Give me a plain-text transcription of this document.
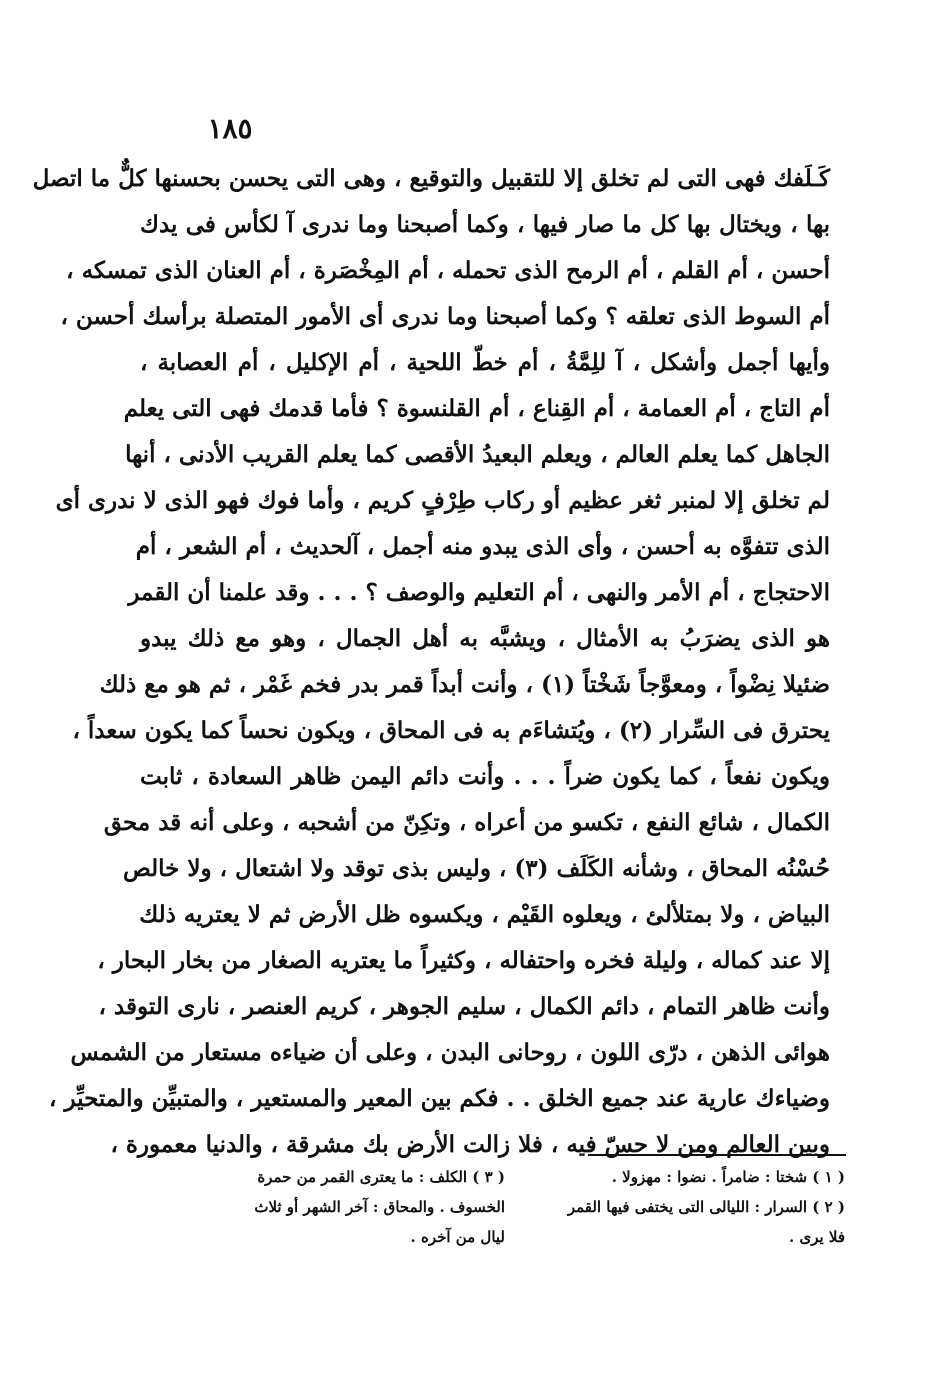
١٨٥
كَـلَفك فهى التى لم تخلق إلا للتقبيل والتوقيع ، وهى التى يحسن بحسنها كلٌّ ما اتصل
بها ، ويختال بها كل ما صار فيها ، وكما أصبحنا وما ندرى آ لكأس فى يدك
أحسن ، أم القلم ، أم الرمح الذى تحمله ، أم المِخْصَرة ، أم العنان الذى تمسكه ،
أم السوط الذى تعلقه ؟ وكما أصبحنا وما ندرى أى الأمور المتصلة برأسك أحسن ،
وأيها أجمل وأشكل ، آ للِمَّةُ ، أم خطّ اللحية ، أم الإكليل ، أم العصابة ،
أم التاج ، أم العمامة ، أم القِناع ، أم القلنسوة ؟ فأما قدمك فهى التى يعلم
الجاهل كما يعلم العالم ، ويعلم البعيدُ الأقصى كما يعلم القريب الأدنى ، أنها
لم تخلق إلا لمنبر ثغر عظيم أو ركاب طِرْفٍ كريم ، وأما فوك فهو الذى لا ندرى أى
الذى تتفوَّه به أحسن ، وأى الذى يبدو منه أجمل ، آلحديث ، أم الشعر ، أم
الاحتجاج ، أم الأمر والنهى ، أم التعليم والوصف ؟ . . . وقد علمنا أن القمر
هو الذى يضرَبُ به الأمثال ، ويشبَّه به أهل الجمال ، وهو مع ذلك يبدو
ضئيلا نِضْواً ، ومعوَّجاً شَخْتاً (١) ، وأنت أبداً قمر بدر فخم غَمْر ، ثم هو مع ذلك
يحترق فى السِّرار (٢) ، ويُتشاءَم به فى المحاق ، ويكون نحساً كما يكون سعداً ،
ويكون نفعاً ، كما يكون ضراً . . . وأنت دائم اليمن ظاهر السعادة ، ثابت
الكمال ، شائع النفع ، تكسو من أعراه ، وتكِنّ من أشحبه ، وعلى أنه قد محق
حُسْنُه المحاق ، وشأنه الكَلَف (٣) ، وليس بذى توقد ولا اشتعال ، ولا خالص
البياض ، ولا بمتلألئ ، ويعلوه القَيْم ، ويكسوه ظل الأرض ثم لا يعتريه ذلك
إلا عند كماله ، وليلة فخره واحتفاله ، وكثيراً ما يعتريه الصغار من بخار البحار ،
وأنت ظاهر التمام ، دائم الكمال ، سليم الجوهر ، كريم العنصر ، نارى التوقد ،
هوائى الذهن ، درّى اللون ، روحانى البدن ، وعلى أن ضياءه مستعار من الشمس
وضياءك عارية عند جميع الخلق . . فكم بين المعير والمستعير ، والمتبيِّن والمتحيِّر ،
وبين العالم ومن لا حسّ فيه ، فلا زالت الأرض بك مشرقة ، والدنيا معمورة ،
( ١ ) شختا : ضامراً . نضوا : مهزولا .
( ٢ ) السرار : الليالى التى يختفى فيها القمر
فلا يرى .
( ٣ ) الكلف : ما يعترى القمر من حمرة
الخسوف . والمحاق : آخر الشهر أو ثلاث
ليال من آخره .
